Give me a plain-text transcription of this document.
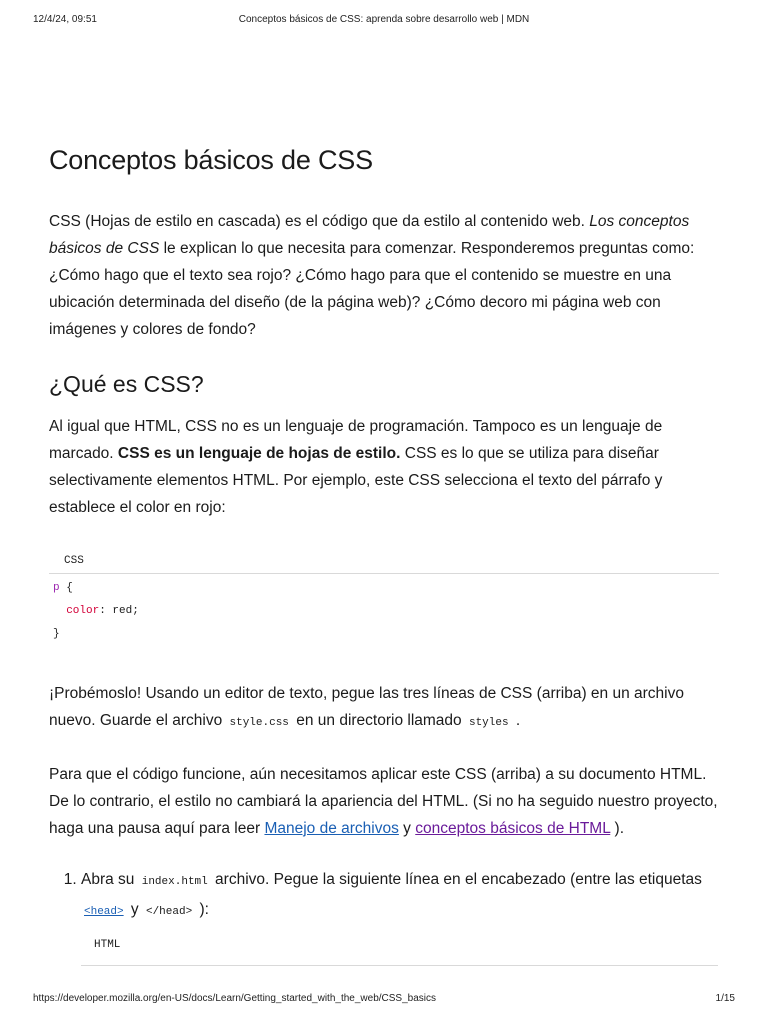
12/4/24, 09:51	Conceptos básicos de CSS: aprenda sobre desarrollo web | MDN
Conceptos básicos de CSS

CSS (Hojas de estilo en cascada) es el código que da estilo al contenido web. Los conceptos básicos de CSS le explican lo que necesita para comenzar. Responderemos preguntas como: ¿Cómo hago que el texto sea rojo? ¿Cómo hago para que el contenido se muestre en una ubicación determinada del diseño (de la página web)? ¿Cómo decoro mi página web con imágenes y colores de fondo?

¿Qué es CSS?

Al igual que HTML, CSS no es un lenguaje de programación. Tampoco es un lenguaje de marcado. CSS es un lenguaje de hojas de estilo. CSS es lo que se utiliza para diseñar selectivamente elementos HTML. Por ejemplo, este CSS selecciona el texto del párrafo y establece el color en rojo:

CSS
p {
color: red;
}

¡Probémoslo! Usando un editor de texto, pegue las tres líneas de CSS (arriba) en un archivo nuevo. Guarde el archivo style.css en un directorio llamado styles .

Para que el código funcione, aún necesitamos aplicar este CSS (arriba) a su documento HTML. De lo contrario, el estilo no cambiará la apariencia del HTML. (Si no ha seguido nuestro proyecto, haga una pausa aquí para leer Manejo de archivos y conceptos básicos de HTML ).

1. Abra su index.html archivo. Pegue la siguiente línea en el encabezado (entre las etiquetas
<head> y </head> ):
HTML
https://developer.mozilla.org/en-US/docs/Learn/Getting_started_with_the_web/CSS_basics	1/15
